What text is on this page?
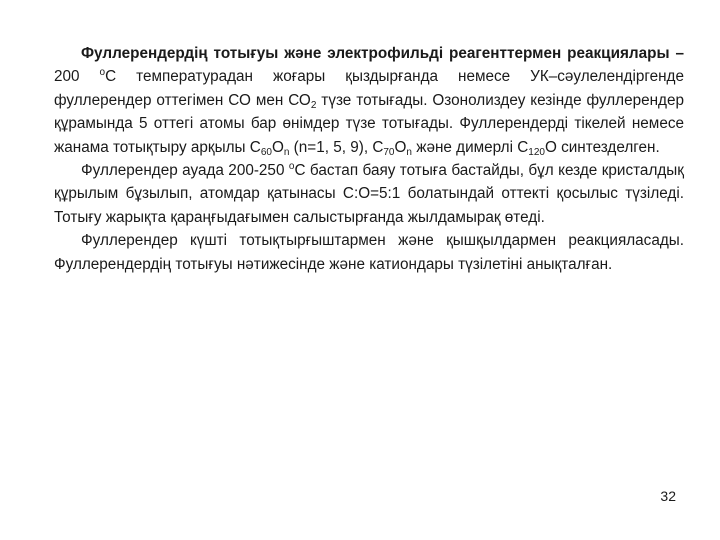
Фуллерендердің тотығуы және электрофильді реагенттермен реакциялары – 200 $^о$С температурадан жоғары қыздырғанда немесе УК–сәулелендіргенде фуллерендер оттегімен СО мен $СО_2$ түзе тотығады. Озонолиздеу кезінде фуллерендер құрамында 5 оттегі атомы бар өнімдер түзе тотығады. Фуллерендерді тікелей немесе жанама тотықтыру арқылы $С_{60}О_n$ (n=1, 5, 9), $С_{70}О_n$ және димерлі $С_{120}О$ синтезделген.

Фуллерендер ауада 200-250 $^о$С бастап баяу тотыға бастайды, бұл кезде кристалдық құрылым бұзылып, атомдар қатынасы С:О=5:1 болатындай оттекті қосылыс түзіледі. Тотығу жарықта қараңғыдағымен салыстырғанда жылдамырақ өтеді.

Фуллерендер күшті тотықтырғыштармен және қышқылдармен реакцияласады. Фуллерендердің тотығуы нәтижесінде және катиондары түзілетіні анықталған.

32
